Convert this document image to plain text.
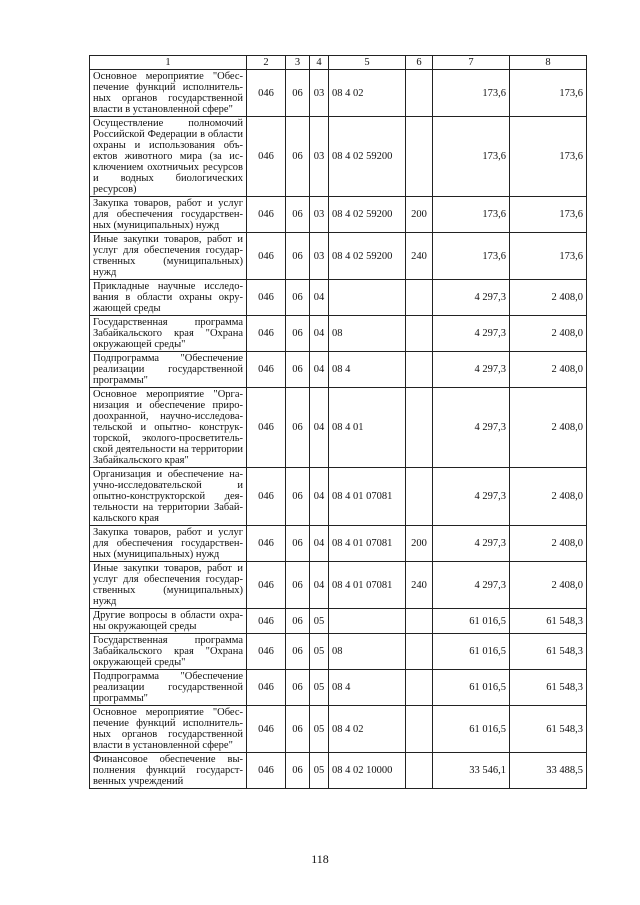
1	2	3	4	5	6	7	8
Основное мероприятие "Обеспечение функций исполнительных органов государственной власти в установленной сфере"	046	06	03	08 4 02		173,6	173,6
Осуществление полномочий Российской Федерации в области охраны и использования объектов животного мира (за исключением охотничьих ресурсов и водных биологических ресурсов)	046	06	03	08 4 02 59200		173,6	173,6
Закупка товаров, работ и услуг для обеспечения государственных (муниципальных) нужд	046	06	03	08 4 02 59200	200	173,6	173,6
Иные закупки товаров, работ и услуг для обеспечения государственных (муниципальных) нужд	046	06	03	08 4 02 59200	240	173,6	173,6
Прикладные научные исследования в области охраны окружающей среды	046	06	04			4 297,3	2 408,0
Государственная программа Забайкальского края "Охрана окружающей среды"	046	06	04	08		4 297,3	2 408,0
Подпрограмма "Обеспечение реализации государственной программы"	046	06	04	08 4		4 297,3	2 408,0
Основное мероприятие "Организация и обеспечение природоохранной, научно-исследовательской и опытно- конструкторской, эколого-просветительской деятельности на территории Забайкальского края"	046	06	04	08 4 01		4 297,3	2 408,0
Организация и обеспечение научно-исследовательской и опытно-конструкторской деятельности на территории Забайкальского края	046	06	04	08 4 01 07081		4 297,3	2 408,0
Закупка товаров, работ и услуг для обеспечения государственных (муниципальных) нужд	046	06	04	08 4 01 07081	200	4 297,3	2 408,0
Иные закупки товаров, работ и услуг для обеспечения государственных (муниципальных) нужд	046	06	04	08 4 01 07081	240	4 297,3	2 408,0
Другие вопросы в области охраны окружающей среды	046	06	05			61 016,5	61 548,3
Государственная программа Забайкальского края "Охрана окружающей среды"	046	06	05	08		61 016,5	61 548,3
Подпрограмма "Обеспечение реализации государственной программы"	046	06	05	08 4		61 016,5	61 548,3
Основное мероприятие "Обеспечение функций исполнительных органов государственной власти в установленной сфере"	046	06	05	08 4 02		61 016,5	61 548,3
Финансовое обеспечение выполнения функций государственных учреждений	046	06	05	08 4 02 10000		33 546,1	33 488,5
118
